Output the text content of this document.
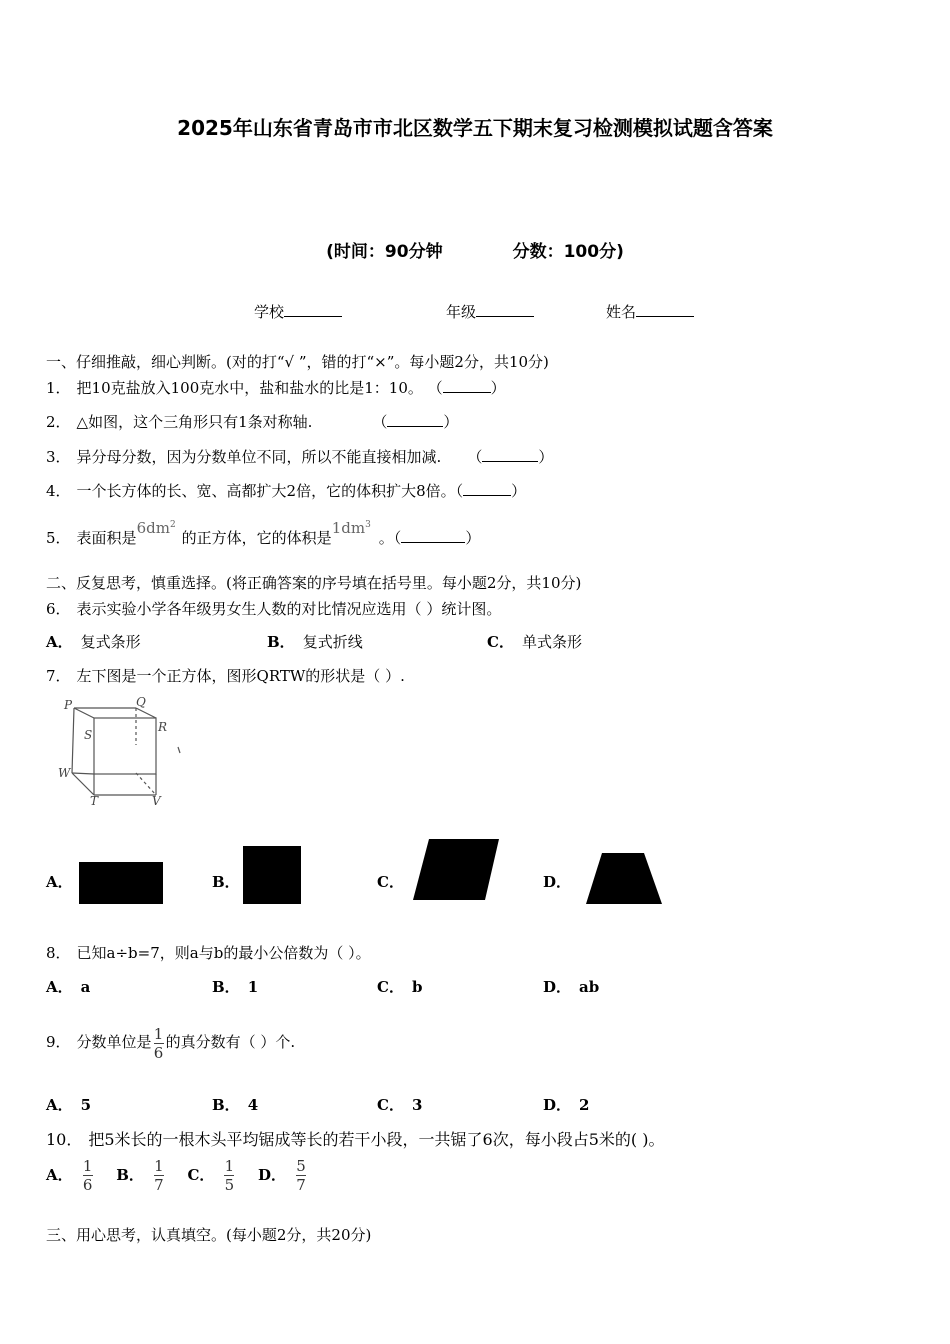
2025年山东省青岛市市北区数学五下期末复习检测模拟试题含答案
(时间：90分钟	分数：100分)
学校	年级	姓名
一、仔细推敲，细心判断。(对的打“√ ”，错的打“×”。每小题2分，共10分)
1． 把10克盐放入100克水中，盐和盐水的比是1：10。 （	）
2． △如图，这个三角形只有1条对称轴.	（	）
3． 异分母分数，因为分数单位不同，所以不能直接相加减. （	）
4． 一个长方体的长、宽、高都扩大2倍，它的体积扩大8倍。（	）
5． 表面积是$6dm^2$的正方体，它的体积是$1dm^3$。（	）
二、反复思考，慎重选择。(将正确答案的序号填在括号里。每小题2分，共10分)
6． 表示实验小学各年级男女生人数的对比情况应选用（ ）统计图。
A． 复式条形	B． 复式折线	C． 单式条形
7． 左下图是一个正方体，图形QRTW的形状是（ ）.
P	Q
S
R
W
T	V
A．	B．	C．	D．
8． 已知a÷b=7，则a与b的最小公倍数为（ ）。
A． a	B． 1	C． b	D． ab
9． 分数单位是 $\frac{1}{6}$ 的真分数有（ ）个.
A． 5	B． 4	C． 3	D． 2
10． 把5米长的一根木头平均锯成等长的若干小段，一共锯了6次，每小段占5米的( )。
A． $\frac{1}{6}$ B． $\frac{1}{7}$ C． $\frac{1}{5}$ D． $\frac{5}{7}$
三、用心思考，认真填空。(每小题2分，共20分)
